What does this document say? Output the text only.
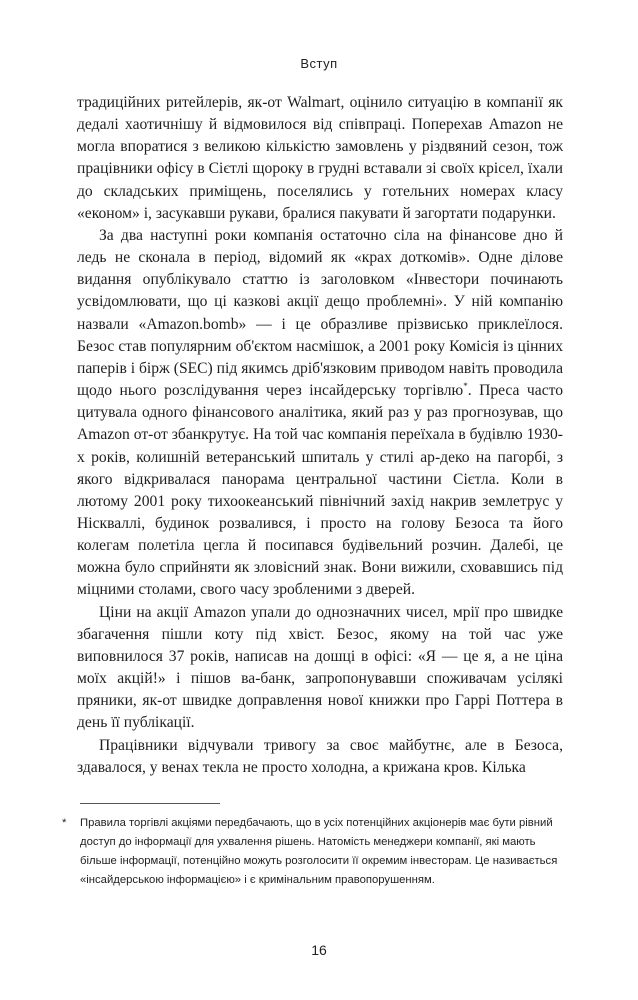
Вступ

традиційних ритейлерів, як-от Walmart, оцінило ситуацію в компанії як дедалі хаотичнішу й відмовилося від співпраці. Поперехав Amazon не могла впоратися з великою кількістю замовлень у різдвяний сезон, тож працівники офісу в Сієтлі щороку в грудні вставали зі своїх крісел, їхали до складських приміщень, поселялись у готельних номерах класу «економ» і, засукавши рукави, бралися пакувати й загортати подарунки.

За два наступні роки компанія остаточно сіла на фінансове дно й ледь не сконала в період, відомий як «крах доткомів». Одне ділове видання опублікувало статтю із заголовком «Інвестори починають усвідомлювати, що ці казкові акції дещо проблемні». У ній компанію назвали «Amazon.bomb» — і це образливе прізвисько приклеїлося. Безос став популярним об'єктом насмішок, а 2001 року Комісія із цінних паперів і бірж (SEC) під якимсь дріб'язковим приводом навіть проводила щодо нього розслідування через інсайдерську торгівлю*. Преса часто цитувала одного фінансового аналітика, який раз у раз прогнозував, що Amazon от-от збанкрутує. На той час компанія переїхала в будівлю 1930-х років, колишній ветеранський шпиталь у стилі ар-деко на пагорбі, з якого відкривалася панорама центральної частини Сієтла. Коли в лютому 2001 року тихоокеанський північний захід накрив землетрус у Ніскваллі, будинок розвалився, і просто на голову Безоса та його колегам полетіла цегла й посипався будівельний розчин. Далебі, це можна було сприйняти як зловісний знак. Вони вижили, сховавшись під міцними столами, свого часу зробленими з дверей.

Ціни на акції Amazon упали до однозначних чисел, мрії про швидке збагачення пішли коту під хвіст. Безос, якому на той час уже виповнилося 37 років, написав на дошці в офісі: «Я — це я, а не ціна моїх акцій!» і пішов ва-банк, запропонувавши споживачам усілякі пряники, як-от швидке доправлення нової книжки про Гаррі Поттера в день її публікації.

Працівники відчували тривогу за своє майбутнє, але в Безоса, здавалося, у венах текла не просто холодна, а крижана кров. Кілька

* Правила торгівлі акціями передбачають, що в усіх потенційних акціонерів має бути рівний доступ до інформації для ухвалення рішень. Натомість менеджери компанії, які мають більше інформації, потенційно можуть розголосити її окремим інвесторам. Це називається «інсайдерською інформацією» і є кримінальним правопорушенням.
16
